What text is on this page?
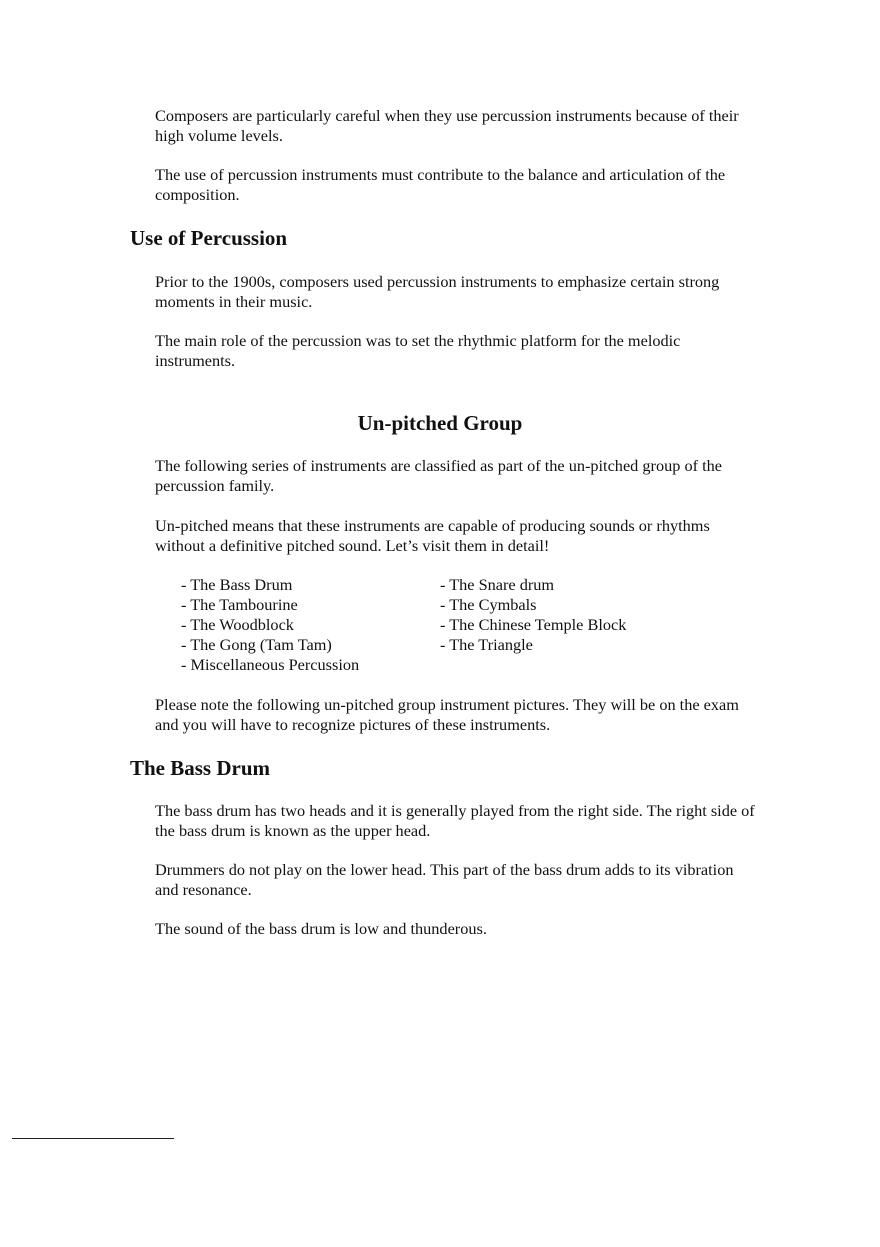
Composers are particularly careful when they use percussion instruments because of their high volume levels.

The use of percussion instruments must contribute to the balance and articulation of the composition.

Use of Percussion

Prior to the 1900s, composers used percussion instruments to emphasize certain strong moments in their music.

The main role of the percussion was to set the rhythmic platform for the melodic instruments.

Un-pitched Group

The following series of instruments are classified as part of the un-pitched group of the percussion family.

Un-pitched means that these instruments are capable of producing sounds or rhythms without a definitive pitched sound. Let’s visit them in detail!

- The Bass Drum
- The Tambourine
- The Woodblock
- The Gong (Tam Tam)
- Miscellaneous Percussion
- The Snare drum
- The Cymbals
- The Chinese Temple Block
- The Triangle

Please note the following un-pitched group instrument pictures. They will be on the exam and you will have to recognize pictures of these instruments.

The Bass Drum

The bass drum has two heads and it is generally played from the right side. The right side of the bass drum is known as the upper head.

Drummers do not play on the lower head. This part of the bass drum adds to its vibration and resonance.

The sound of the bass drum is low and thunderous.
